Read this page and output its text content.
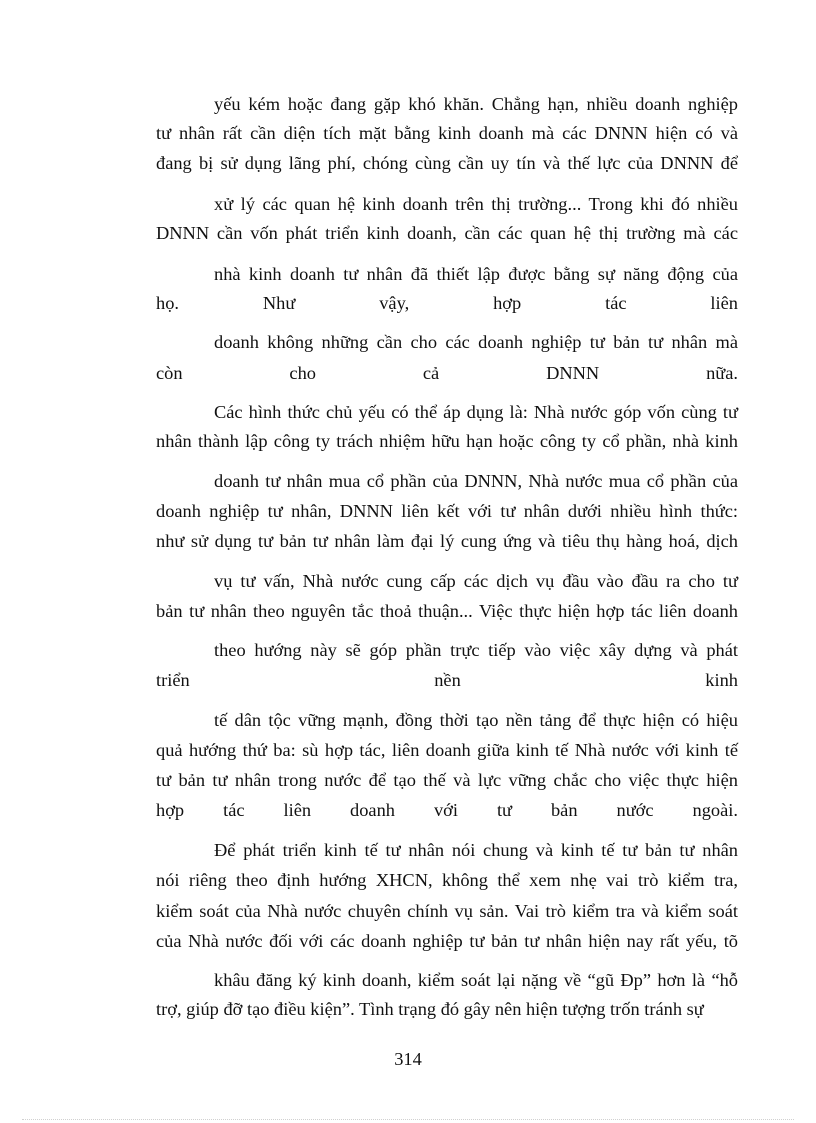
yếu kém hoặc đang gặp khó khăn. Chẳng hạn, nhiều doanh nghiệp
tư nhân rất cần diện tích mặt bằng kinh doanh mà các DNNN hiện có và
đang bị sử dụng lãng phí, chóng cùng cần uy tín và thế lực của DNNN để
xử lý các quan hệ kinh doanh trên thị trường... Trong khi đó nhiều
DNNN cần vốn phát triển kinh doanh, cần các quan hệ thị trường mà các
nhà kinh doanh tư nhân đã thiết lập được bằng sự năng động của
họ. Như vậy, hợp tác liên
doanh không những cần cho các doanh nghiệp tư bản tư nhân mà
còn cho cả DNNN nữa.
Các hình thức chủ yếu có thể áp dụng là: Nhà nước góp vốn cùng tư
nhân thành lập công ty trách nhiệm hữu hạn hoặc công ty cổ phần, nhà kinh
doanh tư nhân mua cổ phần của DNNN, Nhà nước mua cổ phần của
doanh nghiệp tư nhân, DNNN liên kết với tư nhân dưới nhiều hình thức:
như sử dụng tư bản tư nhân làm đại lý cung ứng và tiêu thụ hàng hoá, dịch
vụ tư vấn, Nhà nước cung cấp các dịch vụ đầu vào đầu ra cho tư
bản tư nhân theo nguyên tắc thoả thuận... Việc thực hiện hợp tác liên doanh
theo hướng này sẽ góp phần trực tiếp vào việc xây dựng và phát
triển nền kinh
tế dân tộc vững mạnh, đồng thời tạo nền tảng để thực hiện có hiệu
quả hướng thứ ba: sù hợp tác, liên doanh giữa kinh tế Nhà nước với kinh tế
tư bản tư nhân trong nước để tạo thế và lực vững chắc cho việc thực hiện
hợp tác liên doanh với tư bản nước ngoài.
Để phát triển kinh tế tư nhân nói chung và kinh tế tư bản tư nhân
nói riêng theo định hướng XHCN, không thể xem nhẹ vai trò kiểm tra,
kiểm soát của Nhà nước chuyên chính vụ sản. Vai trò kiểm tra và kiểm soát
của Nhà nước đối với các doanh nghiệp tư bản tư nhân hiện nay rất yếu, tõ
khâu đăng ký kinh doanh, kiểm soát lại nặng về “gũ Đp” hơn là “hỗ
trợ, giúp đỡ tạo điều kiện”. Tình trạng đó gây nên hiện tượng trốn tránh sự
314
